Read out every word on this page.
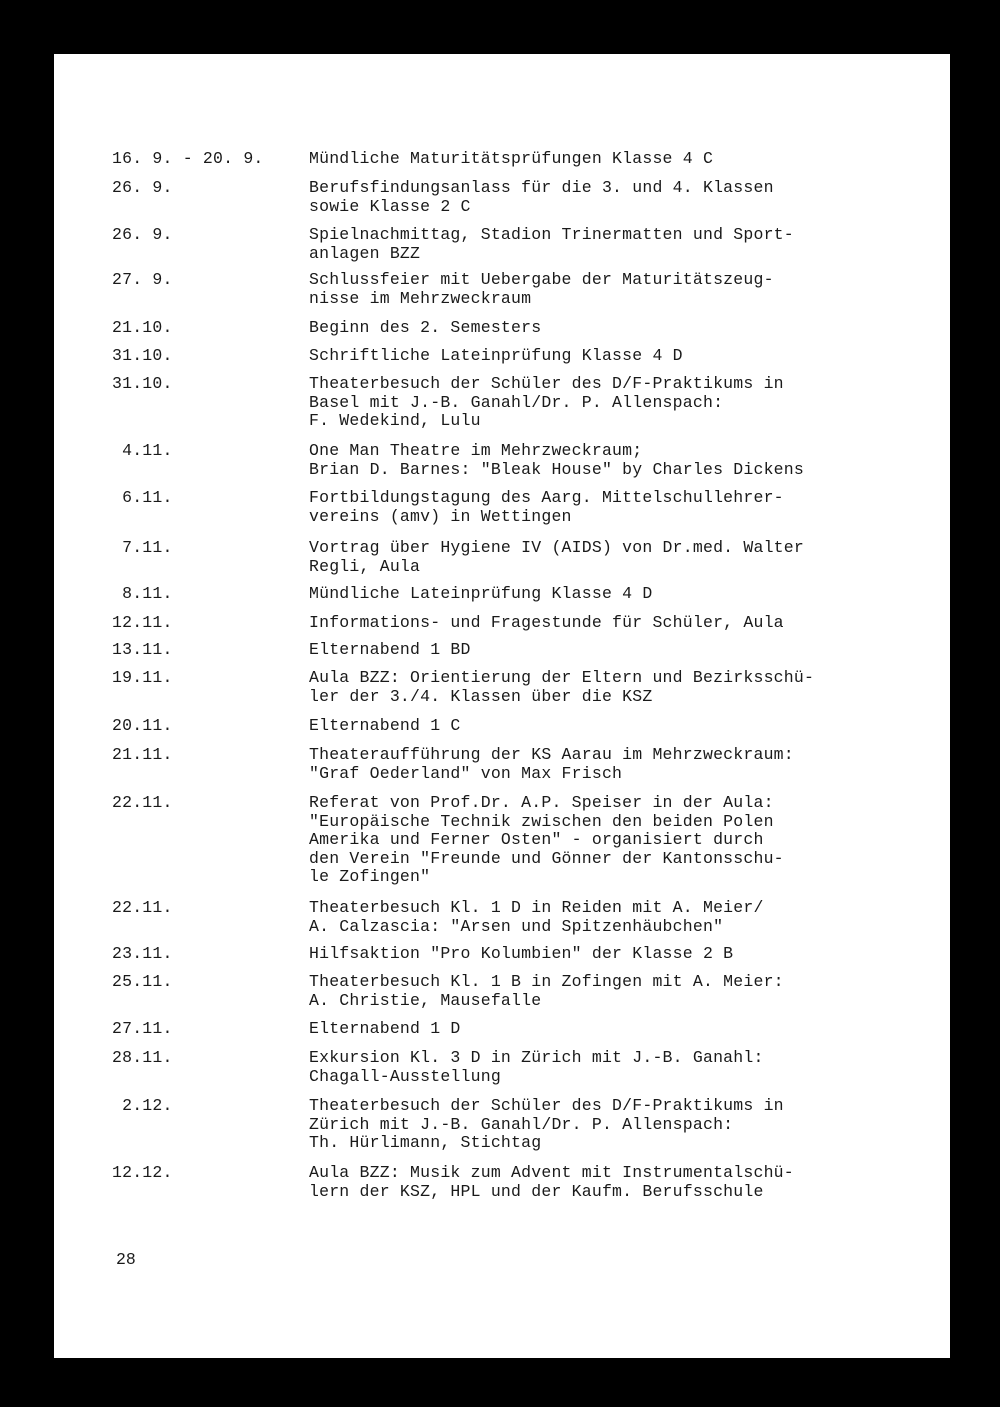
16. 9. - 20. 9.	Mündliche Maturitätsprüfungen Klasse 4 C
26. 9.	Berufsfindungsanlass für die 3. und 4. Klassen
sowie Klasse 2 C
26. 9.	Spielnachmittag, Stadion Trinermatten und Sport-
anlagen BZZ
27. 9.	Schlussfeier mit Uebergabe der Maturitätszeug-
nisse im Mehrzweckraum
21.10.	Beginn des 2. Semesters
31.10.	Schriftliche Lateinprüfung Klasse 4 D
31.10.	Theaterbesuch der Schüler des D/F-Praktikums in
Basel mit J.-B. Ganahl/Dr. P. Allenspach:
F. Wedekind, Lulu
4.11.	One Man Theatre im Mehrzweckraum;
Brian D. Barnes: "Bleak House" by Charles Dickens
6.11.	Fortbildungstagung des Aarg. Mittelschullehrer-
vereins (amv) in Wettingen
7.11.	Vortrag über Hygiene IV (AIDS) von Dr.med. Walter
Regli, Aula
8.11.	Mündliche Lateinprüfung Klasse 4 D
12.11.	Informations- und Fragestunde für Schüler, Aula
13.11.	Elternabend 1 BD
19.11.	Aula BZZ: Orientierung der Eltern und Bezirksschü-
ler der 3./4. Klassen über die KSZ
20.11.	Elternabend 1 C
21.11.	Theateraufführung der KS Aarau im Mehrzweckraum:
"Graf Oederland" von Max Frisch
22.11.	Referat von Prof.Dr. A.P. Speiser in der Aula:
"Europäische Technik zwischen den beiden Polen
Amerika und Ferner Osten" - organisiert durch
den Verein "Freunde und Gönner der Kantonsschu-
le Zofingen"
22.11.	Theaterbesuch Kl. 1 D in Reiden mit A. Meier/
A. Calzascia: "Arsen und Spitzenhäubchen"
23.11.	Hilfsaktion "Pro Kolumbien" der Klasse 2 B
25.11.	Theaterbesuch Kl. 1 B in Zofingen mit A. Meier:
A. Christie, Mausefalle
27.11.	Elternabend 1 D
28.11.	Exkursion Kl. 3 D in Zürich mit J.-B. Ganahl:
Chagall-Ausstellung
2.12.	Theaterbesuch der Schüler des D/F-Praktikums in
Zürich mit J.-B. Ganahl/Dr. P. Allenspach:
Th. Hürlimann, Stichtag
12.12.	Aula BZZ: Musik zum Advent mit Instrumentalschü-
lern der KSZ, HPL und der Kaufm. Berufsschule
28
